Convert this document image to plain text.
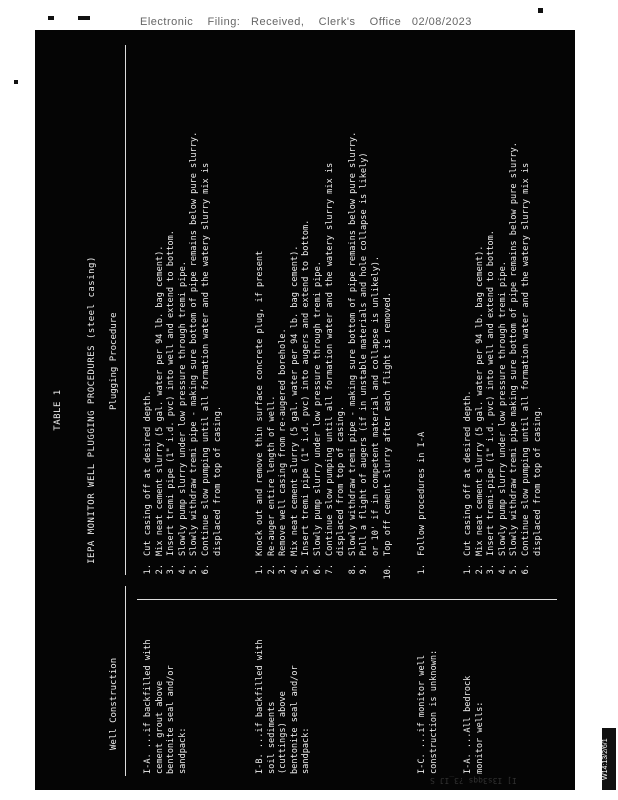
Electronic    Filing:   Received,    Clerk's    Office   02/08/2023
TABLE 1	IEPA MONITOR WELL PLUGGING PROCEDURES (steel casing)
Well Construction
Plugging Procedure
I-A. ...if backfilled with
cement grout above
bentonite seal and/or
sandpack:
1.
Cut casing off at desired depth.
2.
Mix neat cement slurry (5 gal. water per 94 lb. bag cement).
3.
Insert tremi pipe (1" i.d. pvc) into well and extend to bottom.
4.
Slowly pump slurry under low pressure through tremi pipe.
5.
Slowly withdraw tremi pipe - making sure bottom of pipe remains below pure slurry.
6.
Continue slow pumping until all formation water and the watery slurry mix is displaced from top of casing.
I-B. ...if backfilled with
soil sediments
(cuttings) above
bentonite seal and/or
sandpack:
1.
Knock out and remove thin surface concrete plug, if present
2.
Re-auger entire length of well.
3.
Remove well casing from re-augered borehole.
4.
Mix neat cement slurry (5 gal. water per 94 lb. bag cement).
5.
Insert tremi pipe (1" i.d. pvc) into augers and extend to bottom.
6.
Slowly pump slurry under low pressure through tremi pipe.
7.
Continue slow pumping until all formation water and the watery slurry mix is displaced from top of casing.
8.
Slowly withdraw tremi pipe - making sure bottom of pipe remains below pure slurry.
9.
Pull a flight of augers (if in unstable materials and hole collapse is likely) or 10' if in competent material and collapse is unlikely).
10.
Top off cement slurry after each flight is removed.
I-C. ...if monitor well
construction is unknown:
1.
Follow procedures in I-A
I-A. ...All bedrock
monitor wells:
1.
Cut casing off at desired depth.
2.
Mix neat cement slurry (5 gal. water per 94 lb. bag cement).
3.
Insert tremi-pipe (1" i.d. pvc) into well and extend to bottom.
4.
Slowly pump slurry under low pressure through tremi pipe.
5.
Slowly withdraw tremi pipe making sure bottom of pipe remains below pure slurry.
6.
Continue slow pumping until all formation water and the watery slurry mix is displaced from top of casing.
W14:13/2/6/1
I] I3s3qqs ?3_IJ S
